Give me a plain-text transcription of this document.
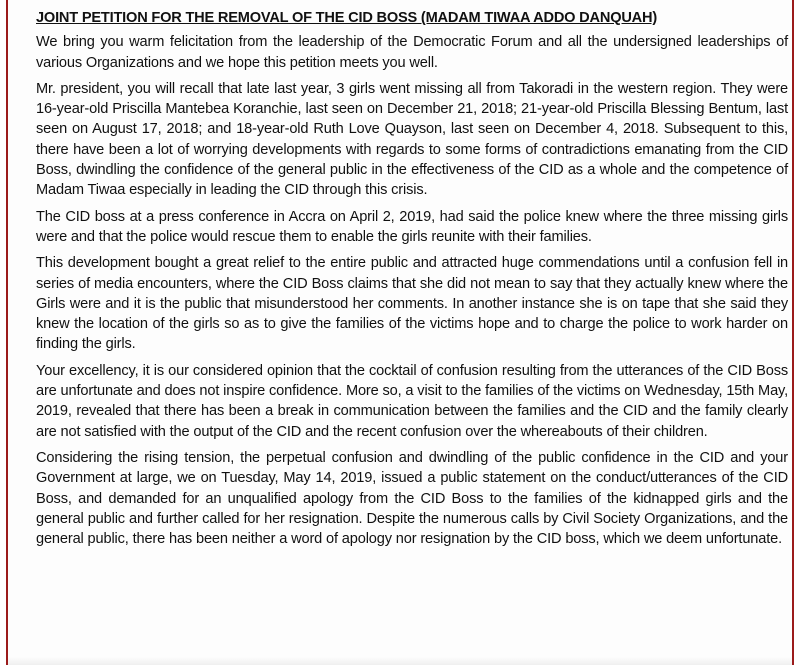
JOINT PETITION FOR THE REMOVAL OF THE CID BOSS (MADAM TIWAA ADDO DANQUAH)

We bring you warm felicitation from the leadership of the Democratic Forum and all the undersigned leaderships of various Organizations and we hope this petition meets you well.

Mr. president, you will recall that late last year, 3 girls went missing all from Takoradi in the western region. They were 16-year-old Priscilla Mantebea Koranchie, last seen on December 21, 2018; 21-year-old Priscilla Blessing Bentum, last seen on August 17, 2018; and 18-year-old Ruth Love Quayson, last seen on December 4, 2018. Subsequent to this, there have been a lot of worrying developments with regards to some forms of contradictions emanating from the CID Boss, dwindling the confidence of the general public in the effectiveness of the CID as a whole and the competence of Madam Tiwaa especially in leading the CID through this crisis.

The CID boss at a press conference in Accra on April 2, 2019, had said the police knew where the three missing girls were and that the police would rescue them to enable the girls reunite with their families.

This development bought a great relief to the entire public and attracted huge commendations until a confusion fell in series of media encounters, where the CID Boss claims that she did not mean to say that they actually knew where the Girls were and it is the public that misunderstood her comments. In another instance she is on tape that she said they knew the location of the girls so as to give the families of the victims hope and to charge the police to work harder on finding the girls.

Your excellency, it is our considered opinion that the cocktail of confusion resulting from the utterances of the CID Boss are unfortunate and does not inspire confidence. More so, a visit to the families of the victims on Wednesday, 15th May, 2019, revealed that there has been a break in communication between the families and the CID and the family clearly are not satisfied with the output of the CID and the recent confusion over the whereabouts of their children.

Considering the rising tension, the perpetual confusion and dwindling of the public confidence in the CID and your Government at large, we on Tuesday, May 14, 2019, issued a public statement on the conduct/utterances of the CID Boss, and demanded for an unqualified apology from the CID Boss to the families of the kidnapped girls and the general public and further called for her resignation. Despite the numerous calls by Civil Society Organizations, and the general public, there has been neither a word of apology nor resignation by the CID boss, which we deem unfortunate.
